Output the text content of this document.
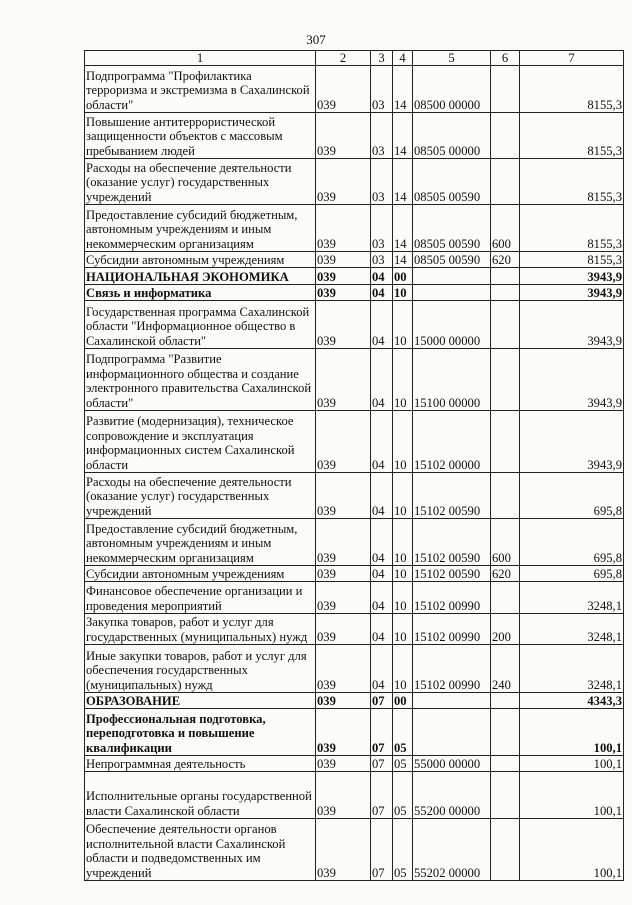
307
1	2	3	4	5	6	7
Подпрограмма "Профилактика терроризма и экстремизма в Сахалинской области"	039	03	14	08500 00000		8155,3
Повышение антитеррористической защищенности объектов с массовым пребыванием людей	039	03	14	08505 00000		8155,3
Расходы на обеспечение деятельности (оказание услуг) государственных учреждений	039	03	14	08505 00590		8155,3
Предоставление субсидий бюджетным, автономным учреждениям и иным некоммерческим организациям	039	03	14	08505 00590	600	8155,3
Субсидии автономным учреждениям	039	03	14	08505 00590	620	8155,3
НАЦИОНАЛЬНАЯ ЭКОНОМИКА	039	04	00			3943,9
Связь и информатика	039	04	10			3943,9
Государственная программа Сахалинской области "Информационное общество в Сахалинской области"	039	04	10	15000 00000		3943,9
Подпрограмма "Развитие информационного общества и создание электронного правительства Сахалинской области"	039	04	10	15100 00000		3943,9
Развитие (модернизация), техническое сопровождение и эксплуатация информационных систем Сахалинской области	039	04	10	15102 00000		3943,9
Расходы на обеспечение деятельности (оказание услуг) государственных учреждений	039	04	10	15102 00590		695,8
Предоставление субсидий бюджетным, автономным учреждениям и иным некоммерческим организациям	039	04	10	15102 00590	600	695,8
Субсидии автономным учреждениям	039	04	10	15102 00590	620	695,8
Финансовое обеспечение организации и проведения мероприятий	039	04	10	15102 00990		3248,1
Закупка товаров, работ и услуг для государственных (муниципальных) нужд	039	04	10	15102 00990	200	3248,1
Иные закупки товаров, работ и услуг для обеспечения государственных (муниципальных) нужд	039	04	10	15102 00990	240	3248,1
ОБРАЗОВАНИЕ	039	07	00			4343,3
Профессиональная подготовка, переподготовка и повышение квалификации	039	07	05			100,1
Непрограммная деятельность	039	07	05	55000 00000		100,1
Исполнительные органы государственной власти Сахалинской области	039	07	05	55200 00000		100,1
Обеспечение деятельности органов исполнительной власти Сахалинской области и подведомственных им учреждений	039	07	05	55202 00000		100,1
